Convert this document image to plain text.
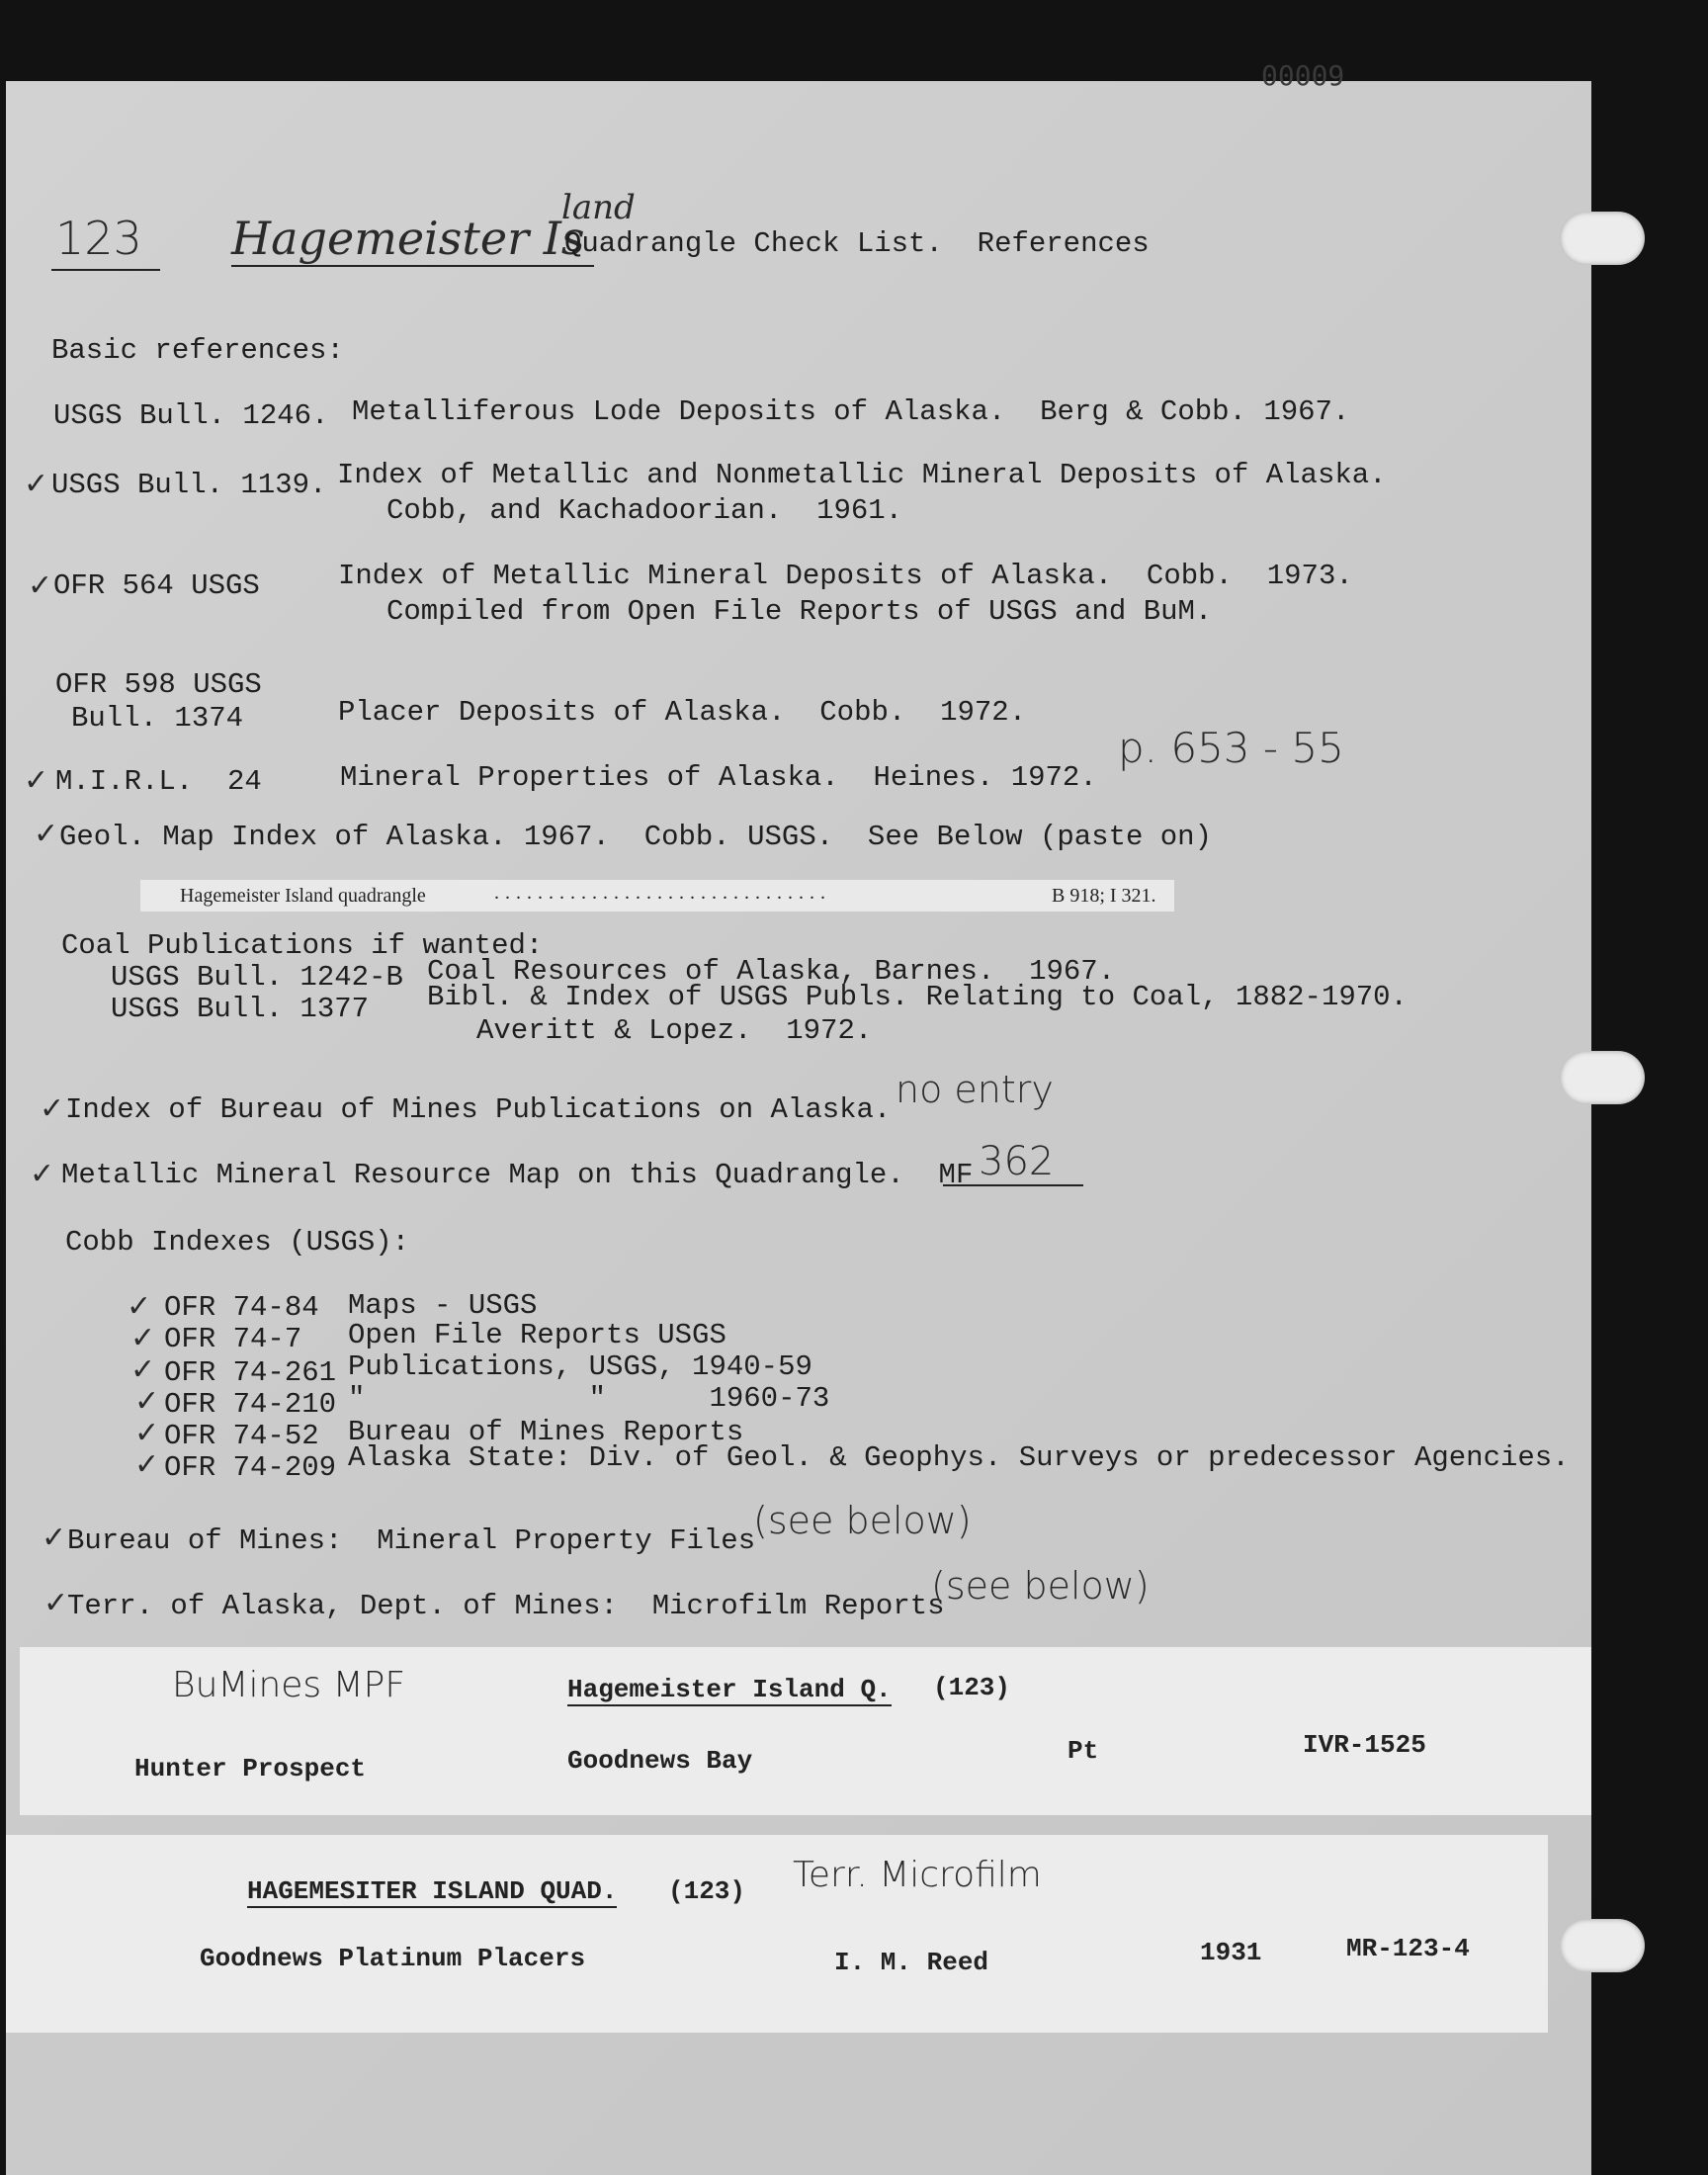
00009
123	Hagemeister Is
land
Quadrangle Check List.  References
Basic references:
USGS Bull. 1246. Metalliferous Lode Deposits of Alaska.  Berg & Cobb. 1967.
✓ USGS Bull. 1139. Index of Metallic and Nonmetallic Mineral Deposits of Alaska.
Cobb, and Kachadoorian.  1961.
✓ OFR 564 USGS	Index of Metallic Mineral Deposits of Alaska.  Cobb.  1973.
Compiled from Open File Reports of USGS and BuM.
OFR 598 USGS
Bull. 1374	Placer Deposits of Alaska.  Cobb.  1972.
✓ M.I.R.L.  24	Mineral Properties of Alaska.  Heines. 1972.
p. 653 - 55
✓ Geol. Map Index of Alaska. 1967.  Cobb. USGS.  See Below (paste on)
Hagemeister Island quadrangle	. . . . . . . . . . . . . . . . . . . . . . . . . . . . . . .	B 918; I 321.
Coal Publications if wanted:
USGS Bull. 1242-B Coal Resources of Alaska, Barnes.  1967.
USGS Bull. 1377 Bibl. & Index of USGS Publs. Relating to Coal, 1882-1970.
Averitt & Lopez.  1972.
✓ Index of Bureau of Mines Publications on Alaska. no entry
✓ Metallic Mineral Resource Map on this Quadrangle.  MF 362
Cobb Indexes (USGS):
✓ OFR 74-84 Maps - USGS
✓ OFR 74-7 Open File Reports USGS
✓ OFR 74-261 Publications, USGS, 1940-59
✓ OFR 74-210 "             "      1960-73
✓ OFR 74-52 Bureau of Mines Reports
✓ OFR 74-209 Alaska State: Div. of Geol. & Geophys. Surveys or predecessor Agencies.
✓ Bureau of Mines:  Mineral Property Files
(see below)
✓
Terr. of Alaska, Dept. of Mines:  Microfilm Reports
(see below)
BuMines MPF	Hagemeister Island Q. (123)
Hunter Prospect	Goodnews Bay	Pt	IVR-1525
HAGEMESITER ISLAND QUAD. (123) Terr. Microfilm
Goodnews Platinum Placers	I. M. Reed	1931	MR-123-4
